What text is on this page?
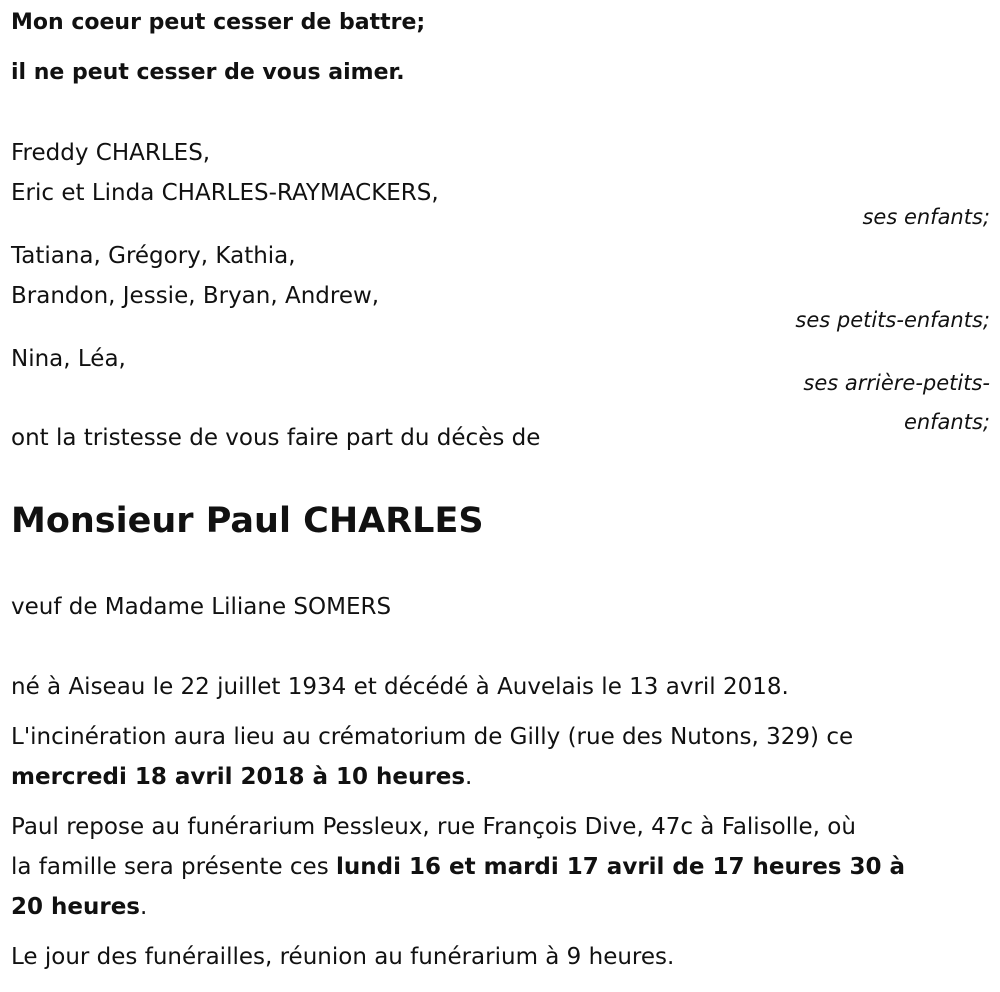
Mon coeur peut cesser de battre;

il ne peut cesser de vous aimer.

Freddy CHARLES,

Eric et Linda CHARLES-RAYMACKERS,

ses enfants;

Tatiana, Grégory, Kathia,

Brandon, Jessie, Bryan, Andrew,

ses petits-enfants;

Nina, Léa,

ses arrière-petits-

enfants;

ont la tristesse de vous faire part du décès de

Monsieur Paul CHARLES

veuf de Madame Liliane SOMERS

né à Aiseau le 22 juillet 1934 et décédé à Auvelais le 13 avril 2018.

L'incinération aura lieu au crématorium de Gilly (rue des Nutons, 329) ce

mercredi 18 avril 2018 à 10 heures.

Paul repose au funérarium Pessleux, rue François Dive, 47c à Falisolle, où

la famille sera présente ces lundi 16 et mardi 17 avril de 17 heures 30 à

20 heures.

Le jour des funérailles, réunion au funérarium à 9 heures.
